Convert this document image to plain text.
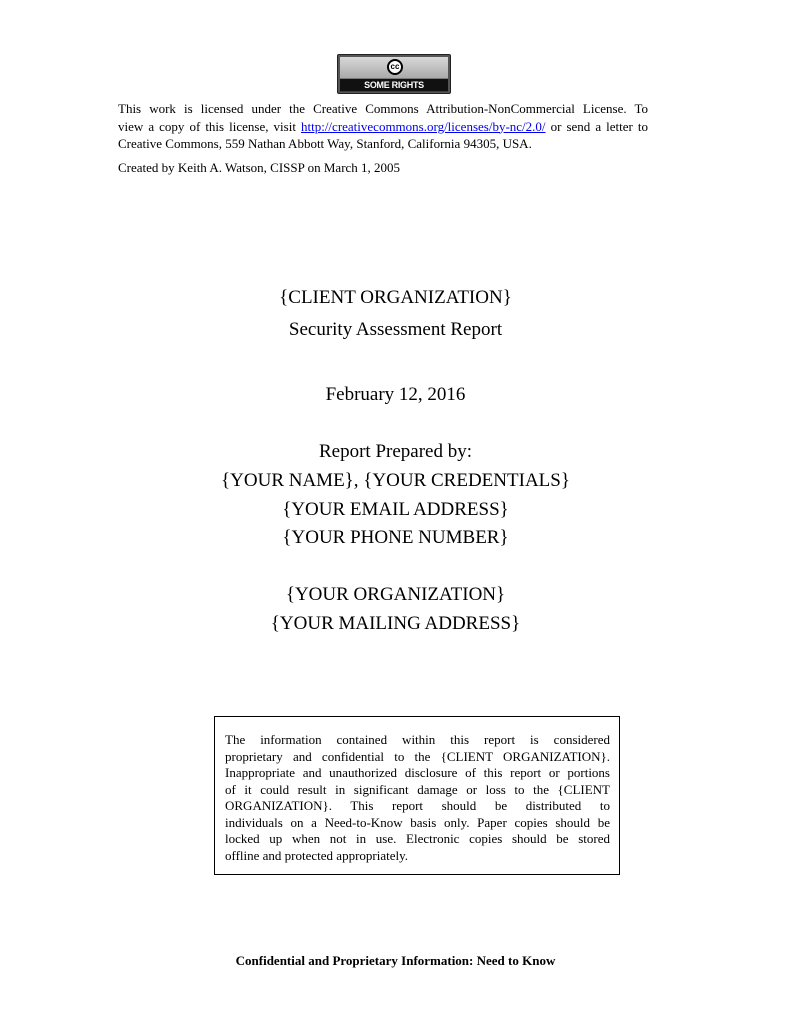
cc
SOME RIGHTS RESERVED
This work is licensed under the Creative Commons Attribution-NonCommercial License. To
view a copy of this license, visit http://creativecommons.org/licenses/by-nc/2.0/ or send a letter to
Creative Commons, 559 Nathan Abbott Way, Stanford, California 94305, USA.
Created by Keith A. Watson, CISSP on March 1, 2005
{CLIENT ORGANIZATION}
Security Assessment Report
February 12, 2016
Report Prepared by:
{YOUR NAME}, {YOUR CREDENTIALS}
{YOUR EMAIL ADDRESS}
{YOUR PHONE NUMBER}
{YOUR ORGANIZATION}
{YOUR MAILING ADDRESS}
The information contained within this report is considered
proprietary and confidential to the {CLIENT ORGANIZATION}.
Inappropriate and unauthorized disclosure of this report or portions
of it could result in significant damage or loss to the {CLIENT
ORGANIZATION}. This report should be distributed to
individuals on a Need-to-Know basis only. Paper copies should be
locked up when not in use. Electronic copies should be stored
offline and protected appropriately.
Confidential and Proprietary Information: Need to Know
